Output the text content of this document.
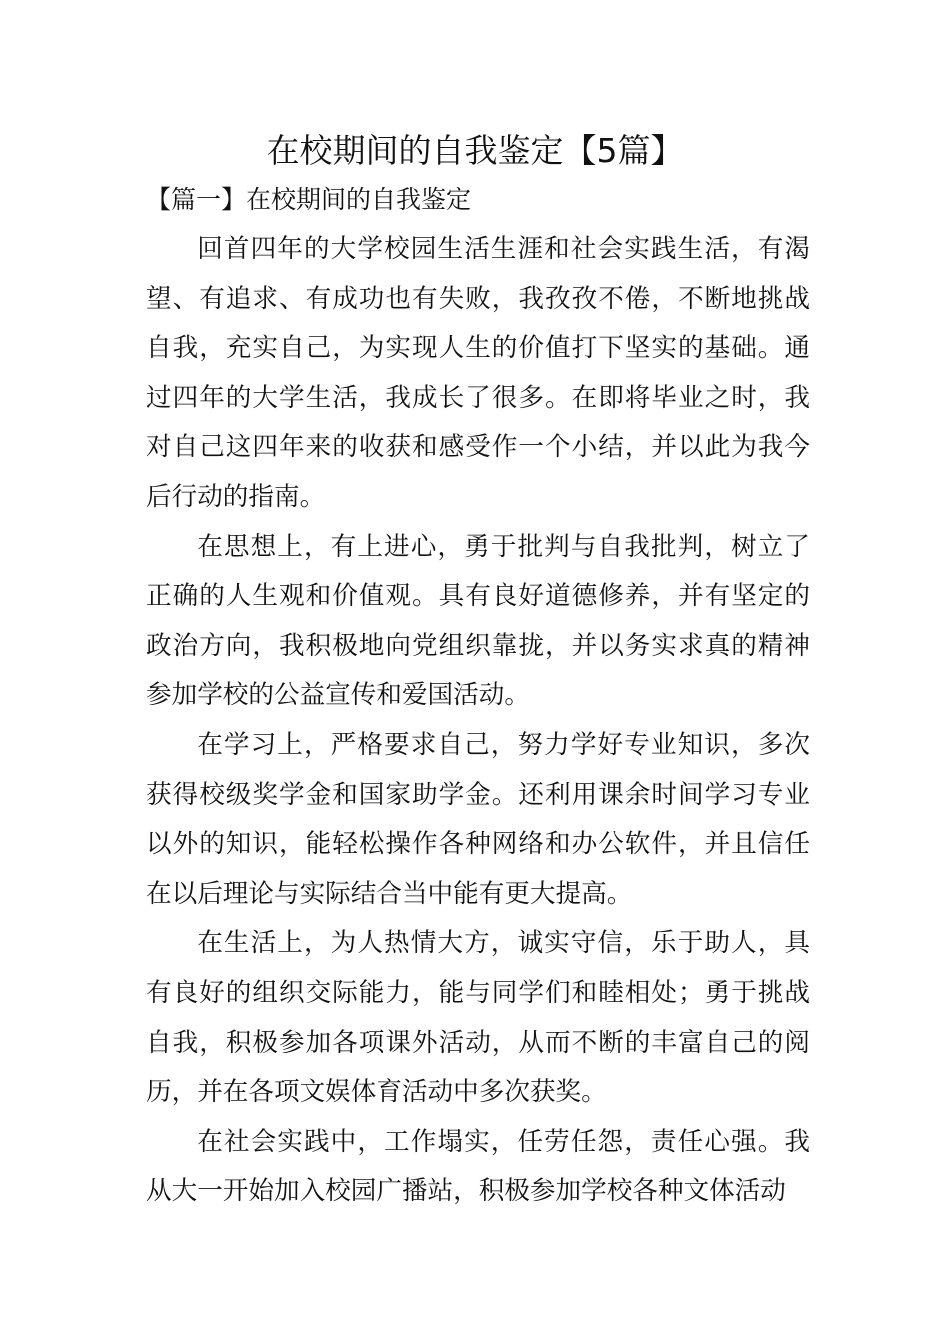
在校期间的自我鉴定【5篇】

【篇一】在校期间的自我鉴定

回首四年的大学校园生活生涯和社会实践生活，有渴望、有追求、有成功也有失败，我孜孜不倦，不断地挑战自我，充实自己，为实现人生的价值打下坚实的基础。通过四年的大学生活，我成长了很多。在即将毕业之时，我对自己这四年来的收获和感受作一个小结，并以此为我今后行动的指南。

在思想上，有上进心，勇于批判与自我批判，树立了正确的人生观和价值观。具有良好道德修养，并有坚定的政治方向，我积极地向党组织靠拢，并以务实求真的精神参加学校的公益宣传和爱国活动。

在学习上，严格要求自己，努力学好专业知识，多次获得校级奖学金和国家助学金。还利用课余时间学习专业以外的知识，能轻松操作各种网络和办公软件，并且信任在以后理论与实际结合当中能有更大提高。

在生活上，为人热情大方，诚实守信，乐于助人，具有良好的组织交际能力，能与同学们和睦相处；勇于挑战自我，积极参加各项课外活动，从而不断的丰富自己的阅历，并在各项文娱体育活动中多次获奖。

在社会实践中，工作塌实，任劳任怨，责任心强。我从大一开始加入校园广播站，积极参加学校各种文体活动
